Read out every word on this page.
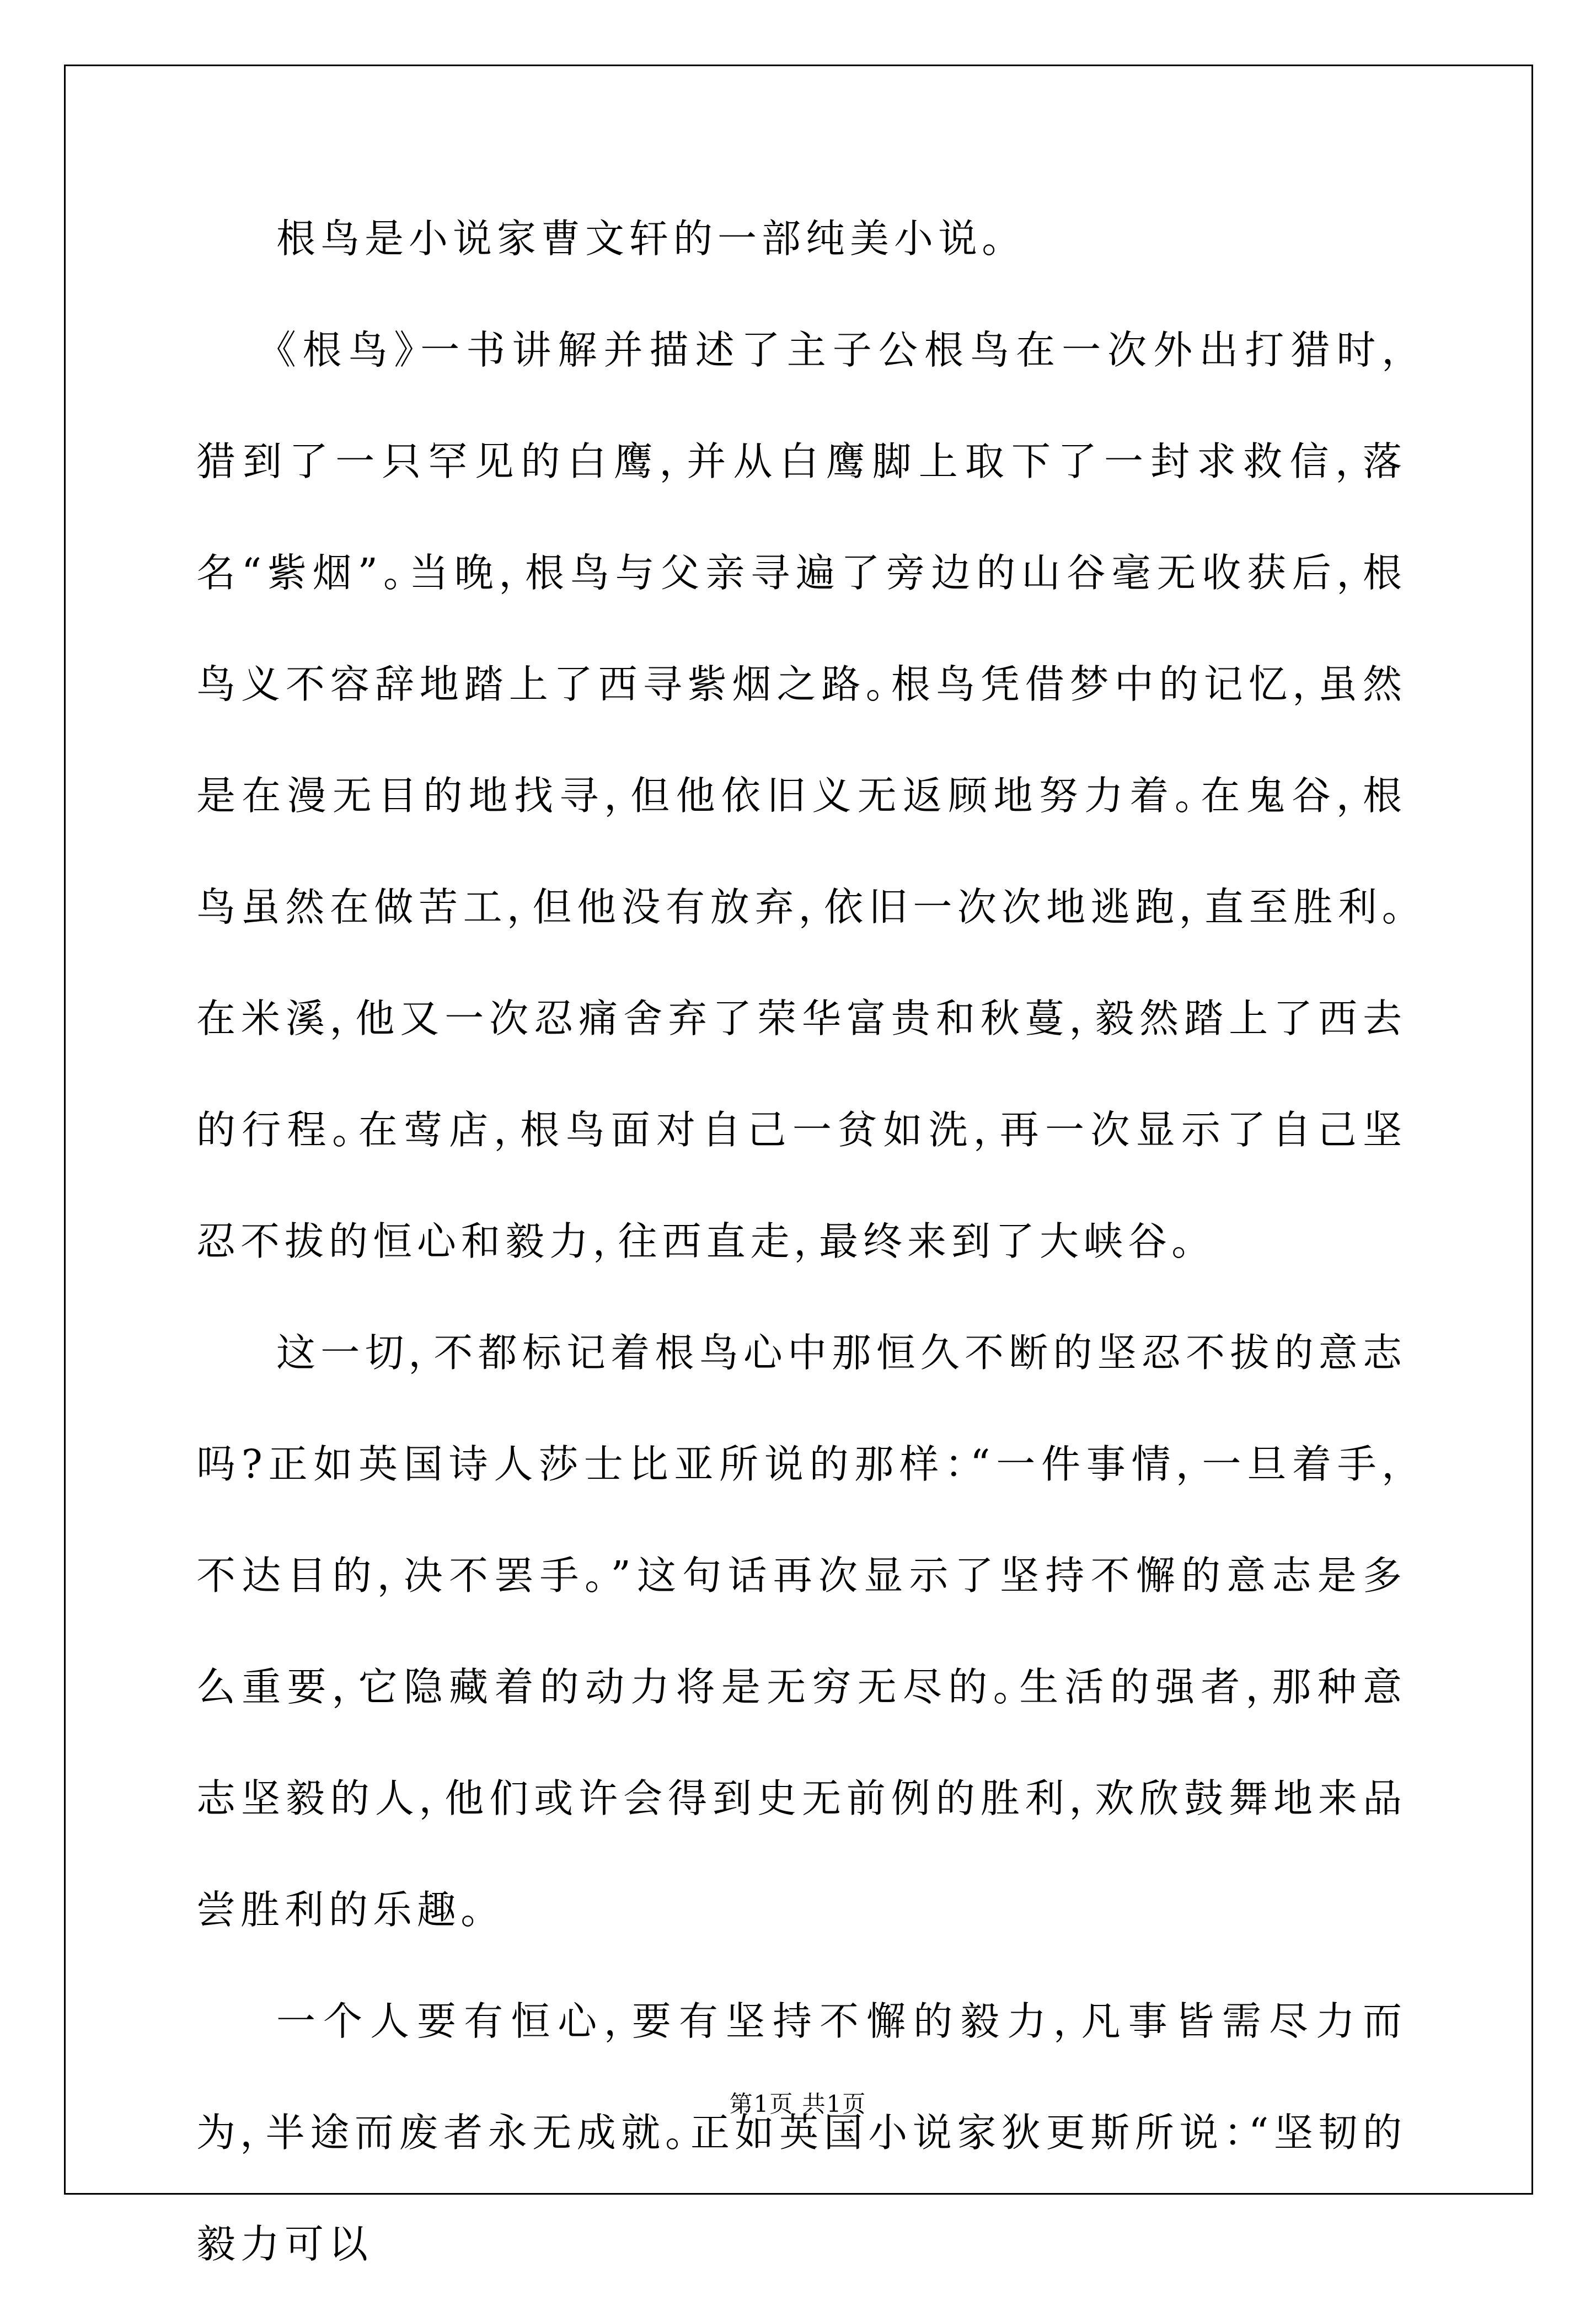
根鸟是小说家曹文轩的一部纯美小说。

《根鸟》一书讲解并描述了主子公根鸟在一次外出打猎时，猎到了一只罕见的白鹰，并从白鹰脚上取下了一封求救信，落名“紫烟”。当晚，根鸟与父亲寻遍了旁边的山谷毫无收获后，根鸟义不容辞地踏上了西寻紫烟之路。根鸟凭借梦中的记忆，虽然是在漫无目的地找寻，但他依旧义无返顾地努力着。在鬼谷，根鸟虽然在做苦工，但他没有放弃，依旧一次次地逃跑，直至胜利。在米溪，他又一次忍痛舍弃了荣华富贵和秋蔓，毅然踏上了西去的行程。在莺店，根鸟面对自己一贫如洗，再一次显示了自己坚忍不拔的恒心和毅力，往西直走，最终来到了大峡谷。

这一切，不都标记着根鸟心中那恒久不断的坚忍不拔的意志吗?正如英国诗人莎士比亚所说的那样：“一件事情，一旦着手，不达目的，决不罢手。”这句话再次显示了坚持不懈的意志是多么重要，它隐藏着的动力将是无穷无尽的。生活的强者，那种意志坚毅的人，他们或许会得到史无前例的胜利，欢欣鼓舞地来品尝胜利的乐趣。

一个人要有恒心，要有坚持不懈的毅力，凡事皆需尽力而为，半途而废者永无成就。正如英国小说家狄更斯所说：“坚韧的毅力可以

第1页 共1页
